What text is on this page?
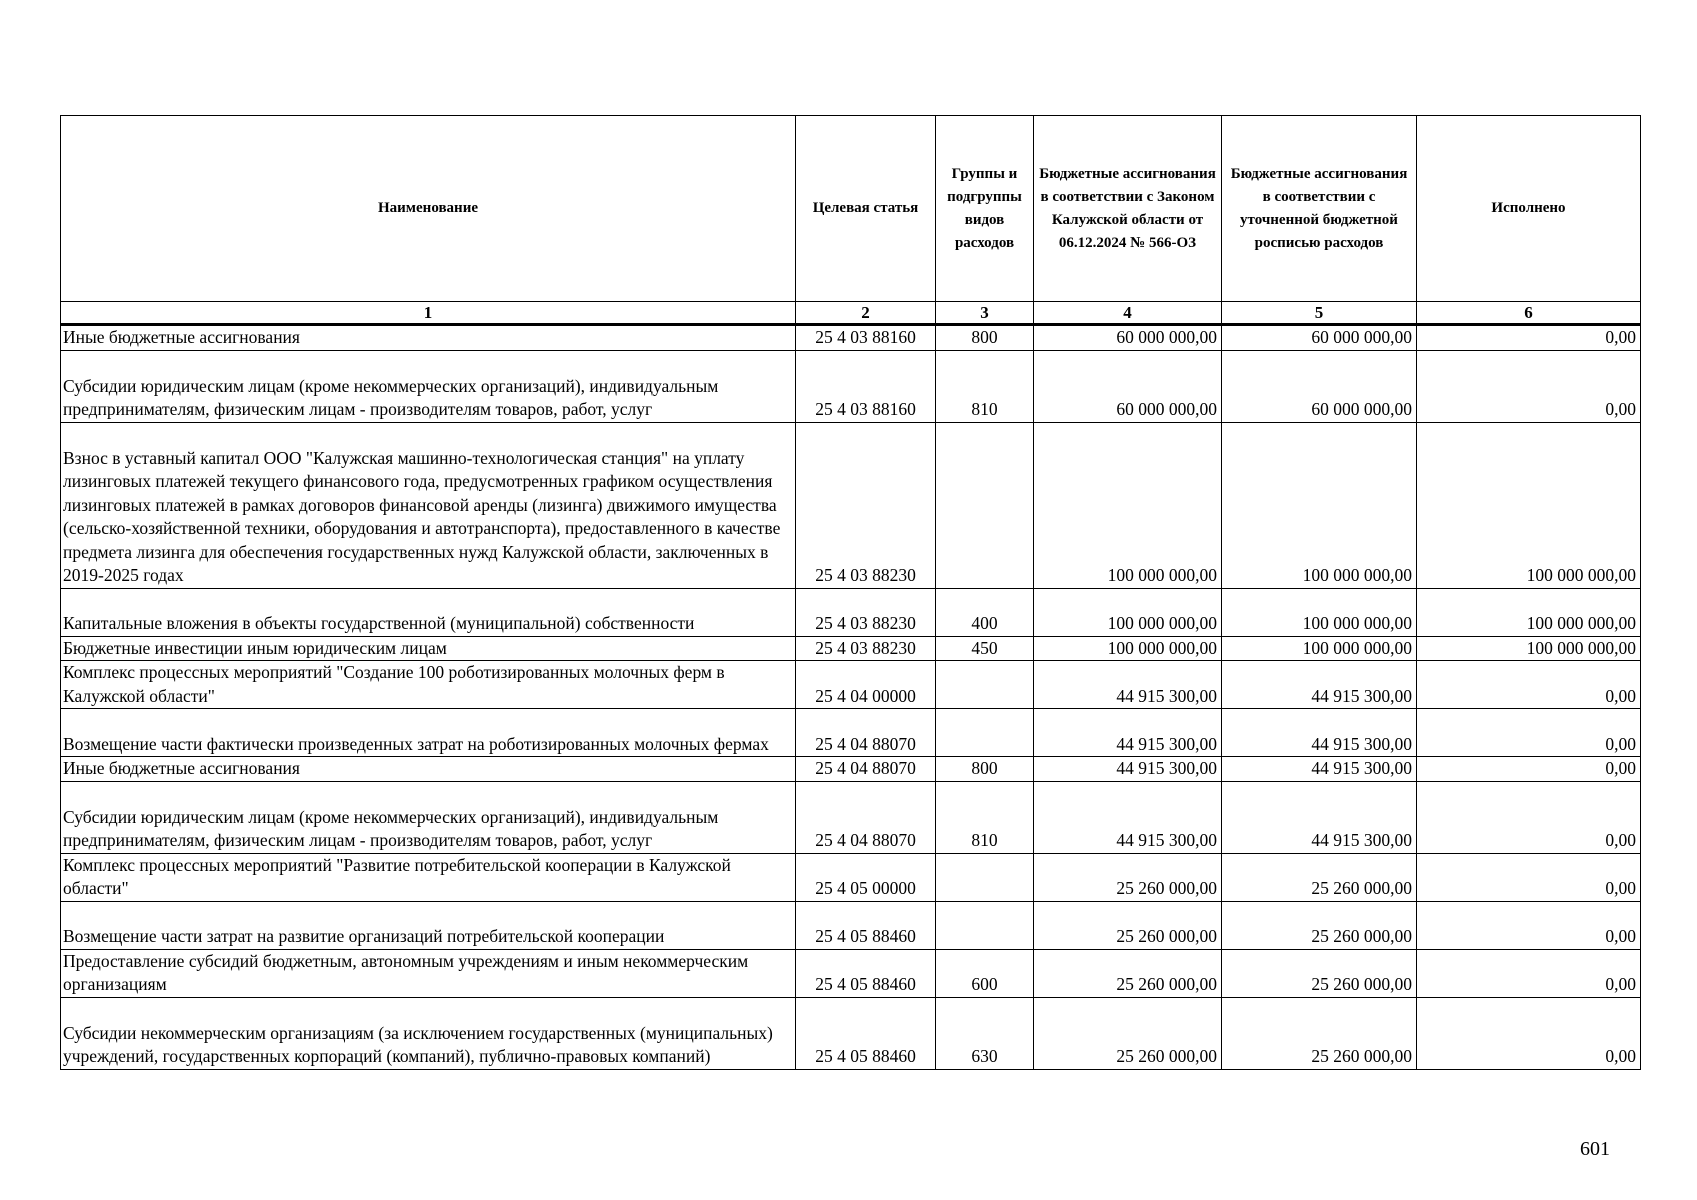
Наименование	Целевая статья	Группы и подгруппы видов расходов	Бюджетные ассигнования в соответствии с Законом Калужской области от 06.12.2024 № 566-ОЗ	Бюджетные ассигнования в соответствии с уточненной бюджетной росписью расходов	Исполнено
1	2	3	4	5	6
Иные бюджетные ассигнования	25 4 03 88160	800	60 000 000,00	60 000 000,00	0,00
Субсидии юридическим лицам (кроме некоммерческих организаций), индивидуальным предпринимателям, физическим лицам - производителям товаров, работ, услуг	25 4 03 88160	810	60 000 000,00	60 000 000,00	0,00
Взнос в уставный капитал ООО "Калужская машинно-технологическая станция" на уплату лизинговых платежей текущего финансового года, предусмотренных графиком осуществления лизинговых платежей в рамках договоров финансовой аренды (лизинга) движимого имущества (сельско-хозяйственной техники, оборудования и автотранспорта), предоставленного в качестве предмета лизинга для обеспечения государственных нужд Калужской области, заключенных в 2019-2025 годах	25 4 03 88230		100 000 000,00	100 000 000,00	100 000 000,00
Капитальные вложения в объекты государственной (муниципальной) собственности	25 4 03 88230	400	100 000 000,00	100 000 000,00	100 000 000,00
Бюджетные инвестиции иным юридическим лицам	25 4 03 88230	450	100 000 000,00	100 000 000,00	100 000 000,00
Комплекс процессных мероприятий "Создание 100 роботизированных молочных ферм в Калужской области"	25 4 04 00000		44 915 300,00	44 915 300,00	0,00
Возмещение части фактически произведенных затрат на роботизированных молочных фермах	25 4 04 88070		44 915 300,00	44 915 300,00	0,00
Иные бюджетные ассигнования	25 4 04 88070	800	44 915 300,00	44 915 300,00	0,00
Субсидии юридическим лицам (кроме некоммерческих организаций), индивидуальным предпринимателям, физическим лицам - производителям товаров, работ, услуг	25 4 04 88070	810	44 915 300,00	44 915 300,00	0,00
Комплекс процессных мероприятий "Развитие потребительской кооперации в Калужской области"	25 4 05 00000		25 260 000,00	25 260 000,00	0,00
Возмещение части затрат на развитие организаций потребительской кооперации	25 4 05 88460		25 260 000,00	25 260 000,00	0,00
Предоставление субсидий бюджетным, автономным учреждениям и иным некоммерческим организациям	25 4 05 88460	600	25 260 000,00	25 260 000,00	0,00
Субсидии некоммерческим организациям (за исключением государственных (муниципальных) учреждений, государственных корпораций (компаний), публично-правовых компаний)	25 4 05 88460	630	25 260 000,00	25 260 000,00	0,00
601
